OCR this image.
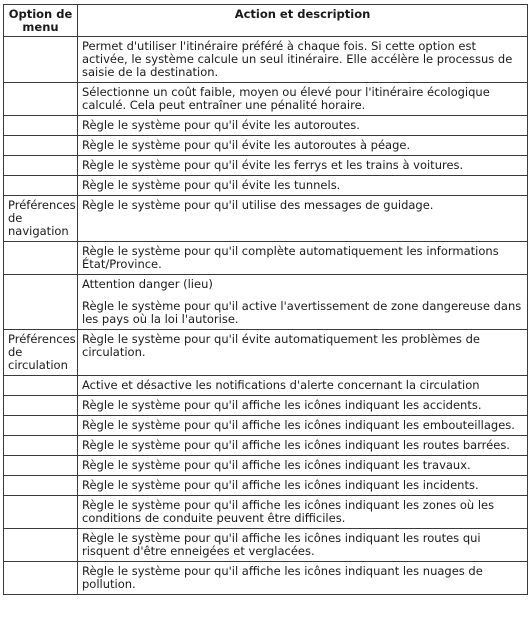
Option de menu	Action et description
	Permet d'utiliser l'itinéraire préféré à chaque fois. Si cette option est activée, le système calcule un seul itinéraire. Elle accélère le processus de saisie de la destination.
	Sélectionne un coût faible, moyen ou élevé pour l'itinéraire écologique calculé. Cela peut entraîner une pénalité horaire.
	Règle le système pour qu'il évite les autoroutes.
	Règle le système pour qu'il évite les autoroutes à péage.
	Règle le système pour qu'il évite les ferrys et les trains à voitures.
	Règle le système pour qu'il évite les tunnels.
Préférences de navigation	Règle le système pour qu'il utilise des messages de guidage.
	Règle le système pour qu'il complète automatiquement les informations État/Province.
	Attention danger (lieu)
Règle le système pour qu'il active l'avertissement de zone dangereuse dans les pays où la loi l'autorise.

Préférences de circulation	Règle le système pour qu'il évite automatiquement les problèmes de circulation.
	Active et désactive les notifications d'alerte concernant la circulation
	Règle le système pour qu'il affiche les icônes indiquant les accidents.
	Règle le système pour qu'il affiche les icônes indiquant les embouteillages.
	Règle le système pour qu'il affiche les icônes indiquant les routes barrées.
	Règle le système pour qu'il affiche les icônes indiquant les travaux.
	Règle le système pour qu'il affiche les icônes indiquant les incidents.
	Règle le système pour qu'il affiche les icônes indiquant les zones où les conditions de conduite peuvent être difficiles.
	Règle le système pour qu'il affiche les icônes indiquant les routes qui risquent d'être enneigées et verglacées.
	Règle le système pour qu'il affiche les icônes indiquant les nuages de pollution.
